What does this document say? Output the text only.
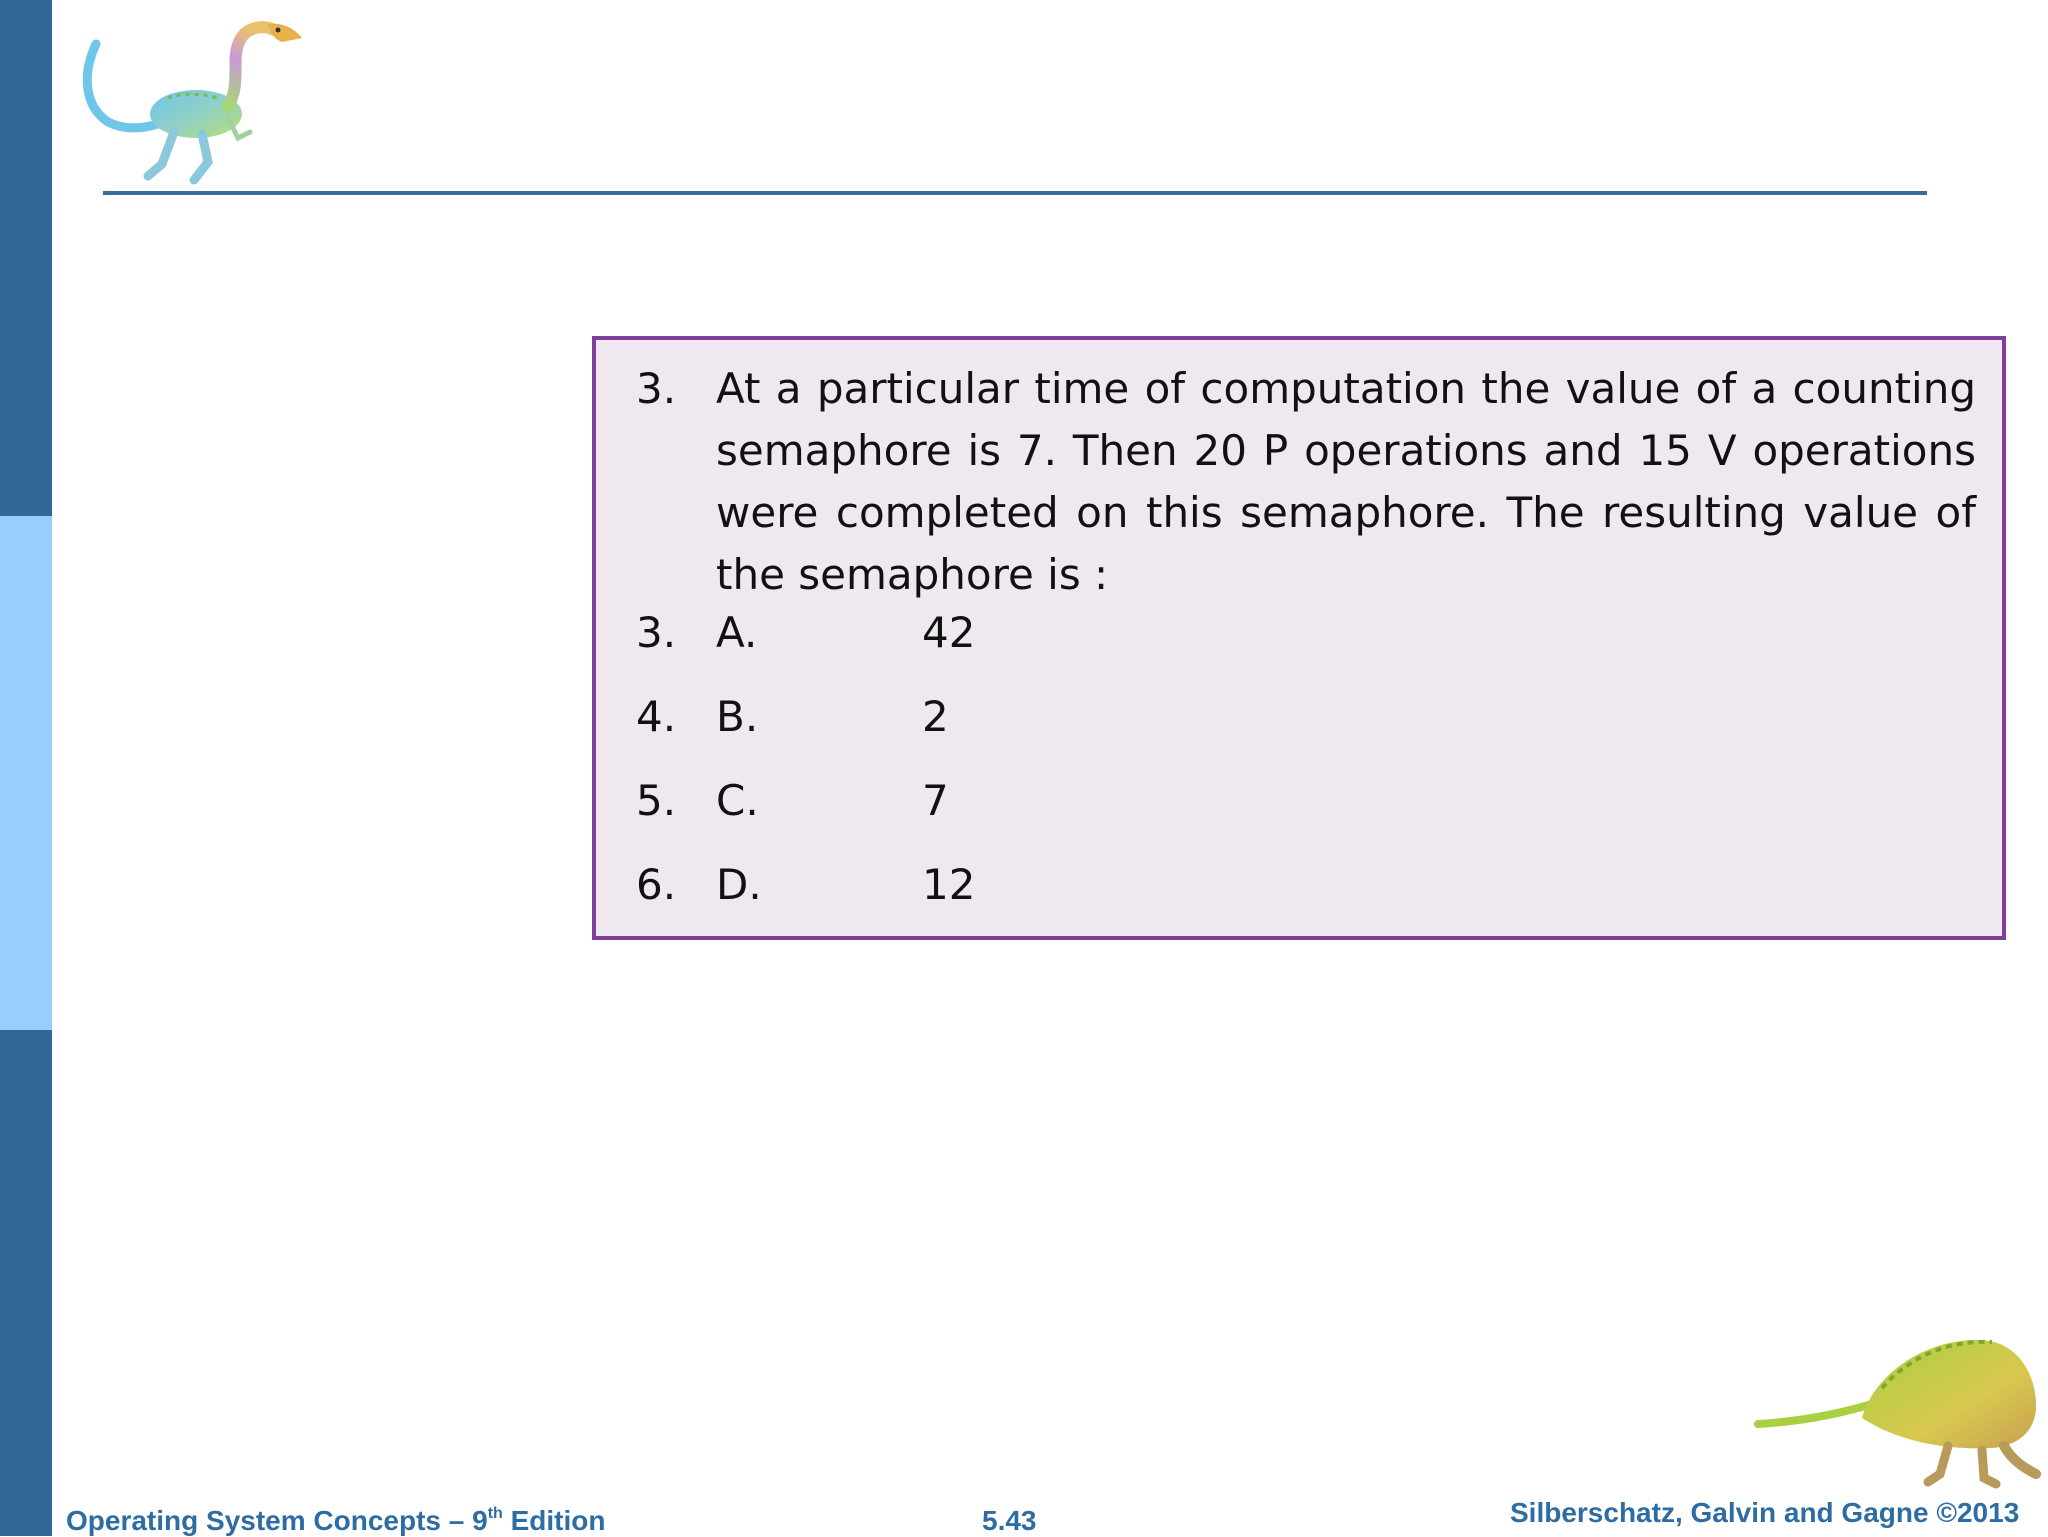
3. At a particular time of computation the value of a counting semaphore is 7. Then 20 P operations and 15 V operations were completed on this semaphore. The resulting value of the semaphore is :
3. A.	42
4. B.	2
5. C.	7
6. D.	12
Operating System Concepts – 9th Edition	5.43	Silberschatz, Galvin and Gagne ©2013
